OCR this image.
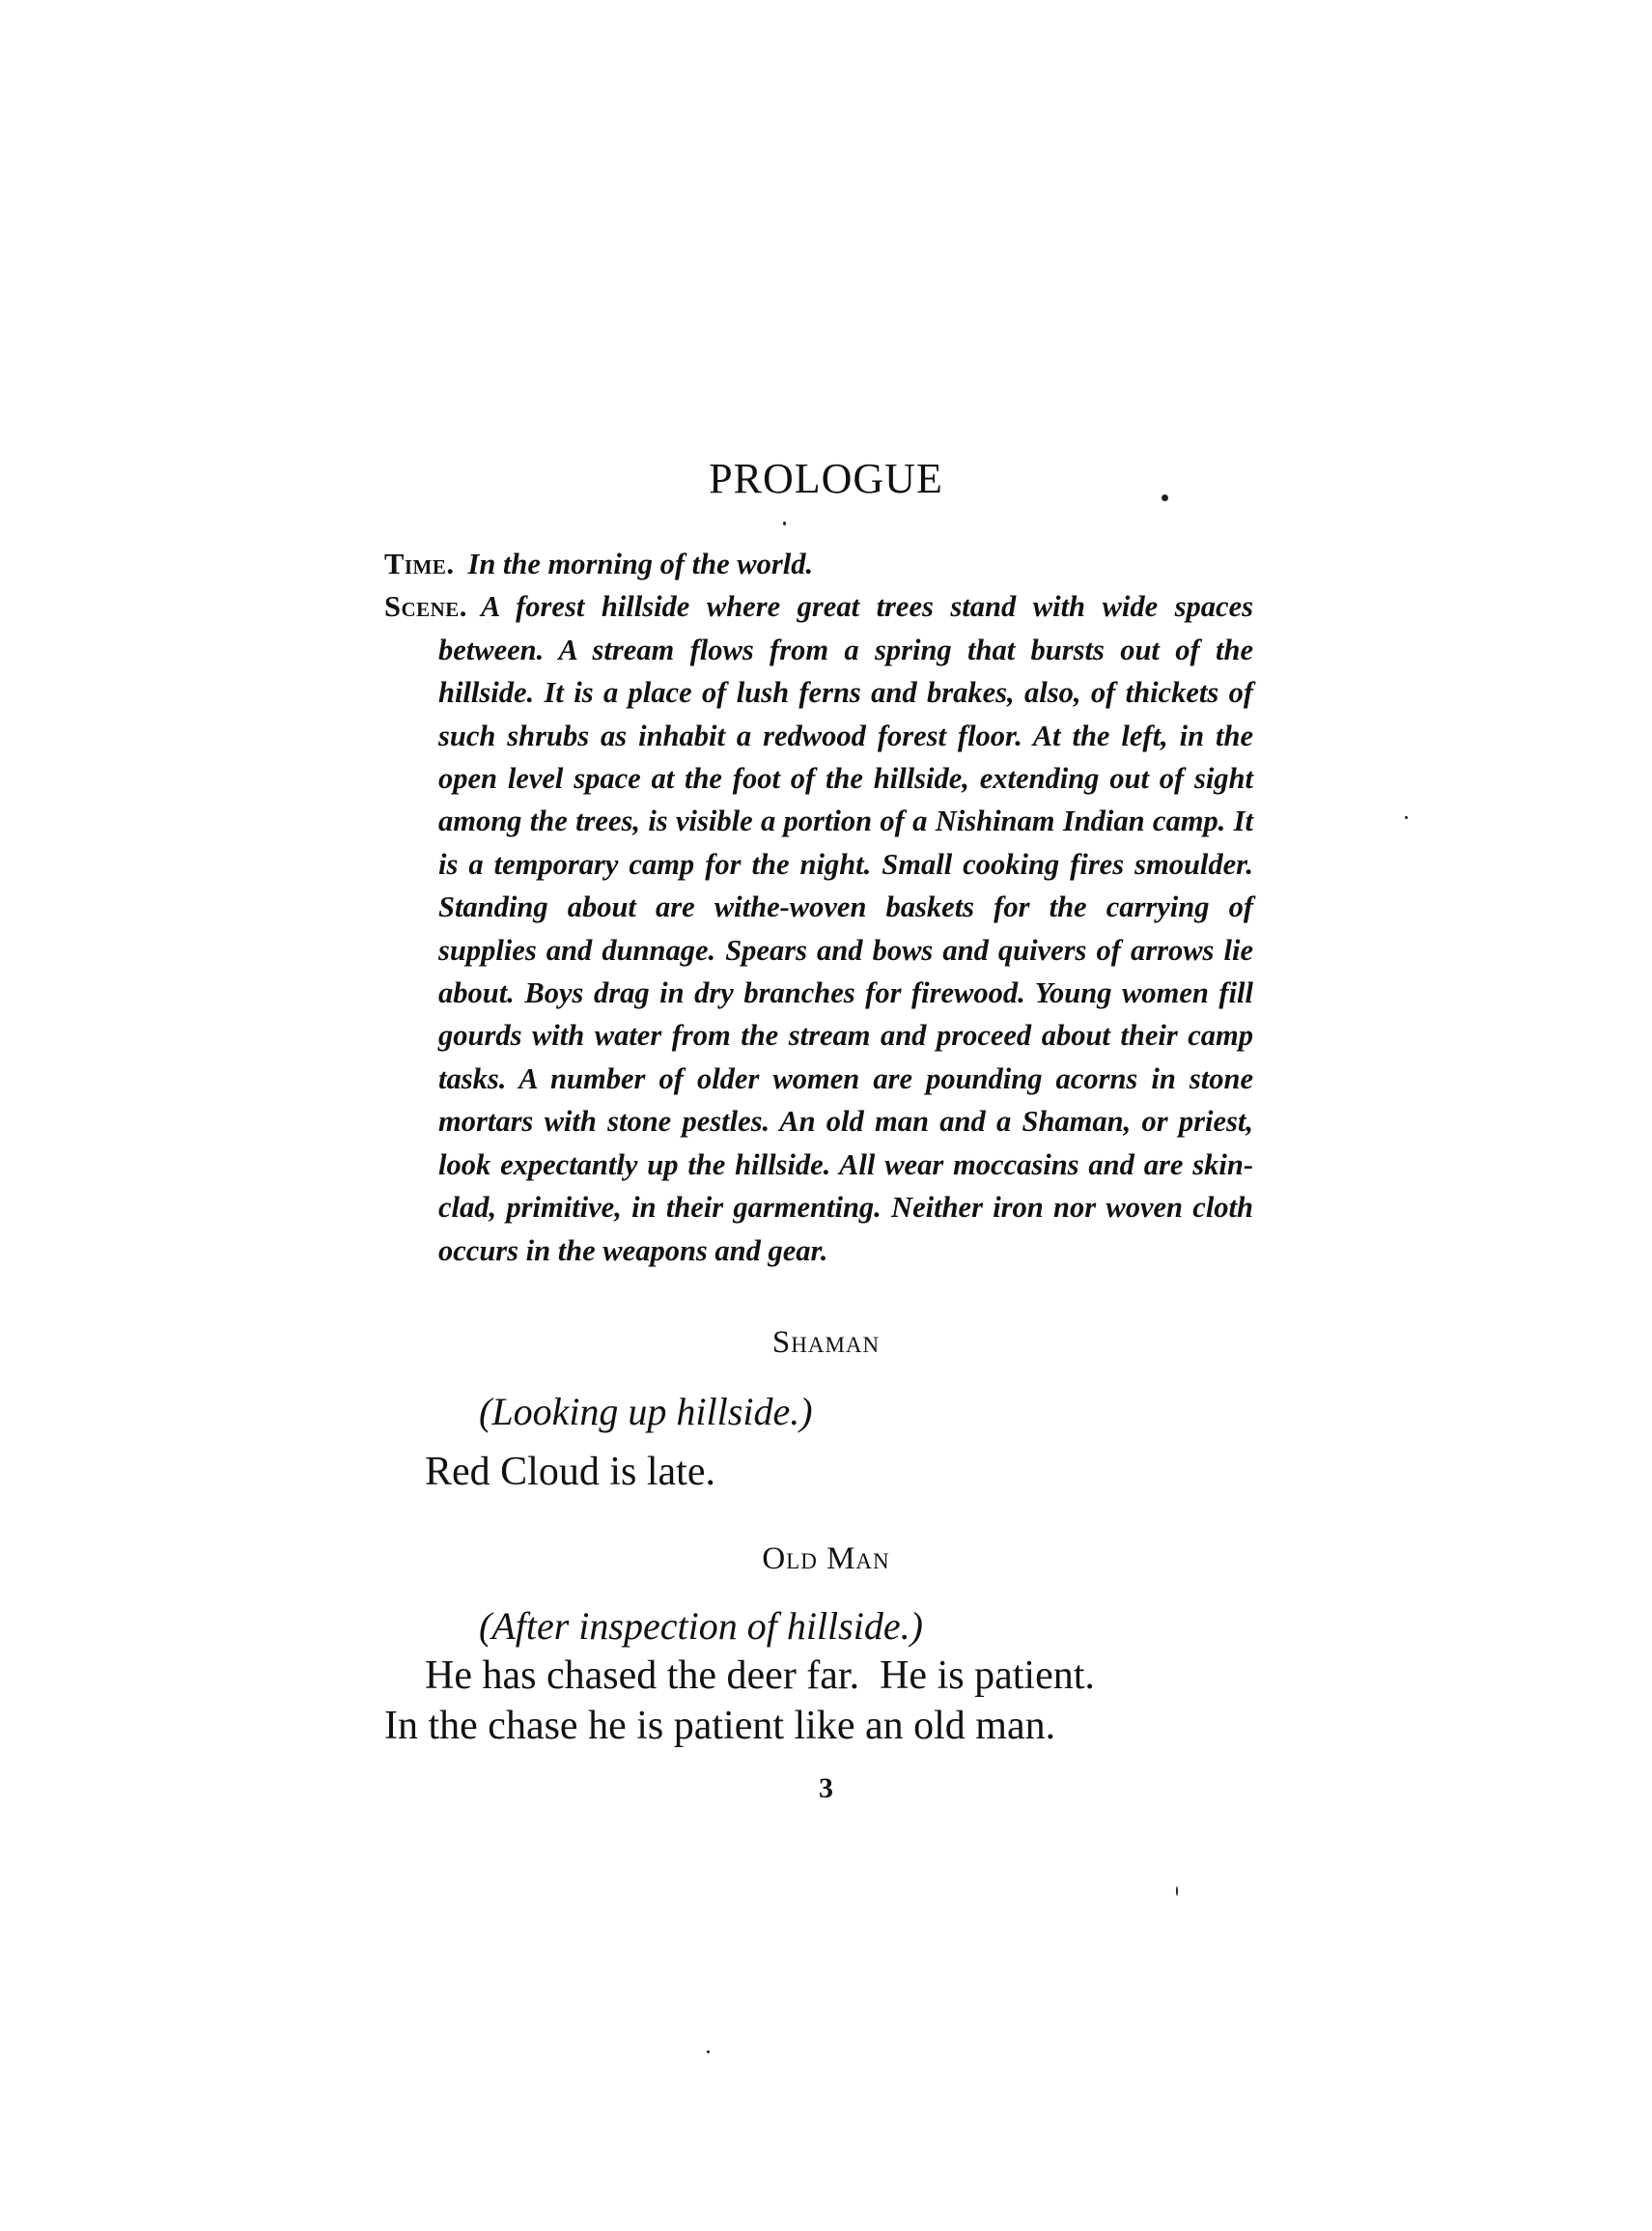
PROLOGUE

Time. In the morning of the world.

Scene. A forest hillside where great trees stand with wide spaces between. A stream flows from a spring that bursts out of the hillside. It is a place of lush ferns and brakes, also, of thickets of such shrubs as inhabit a redwood forest floor. At the left, in the open level space at the foot of the hillside, extending out of sight among the trees, is visible a portion of a Nishinam Indian camp. It is a temporary camp for the night. Small cooking fires smoulder. Standing about are withe-woven baskets for the carrying of supplies and dunnage. Spears and bows and quivers of arrows lie about. Boys drag in dry branches for firewood. Young women fill gourds with water from the stream and proceed about their camp tasks. A number of older women are pounding acorns in stone mortars with stone pestles. An old man and a Shaman, or priest, look expectantly up the hillside. All wear moccasins and are skin-clad, primitive, in their garmenting. Neither iron nor woven cloth occurs in the weapons and gear.

Shaman

(Looking up hillside.)

Red Cloud is late.

Old Man

(After inspection of hillside.)

He has chased the deer far.  He is patient.

In the chase he is patient like an old man.

3
